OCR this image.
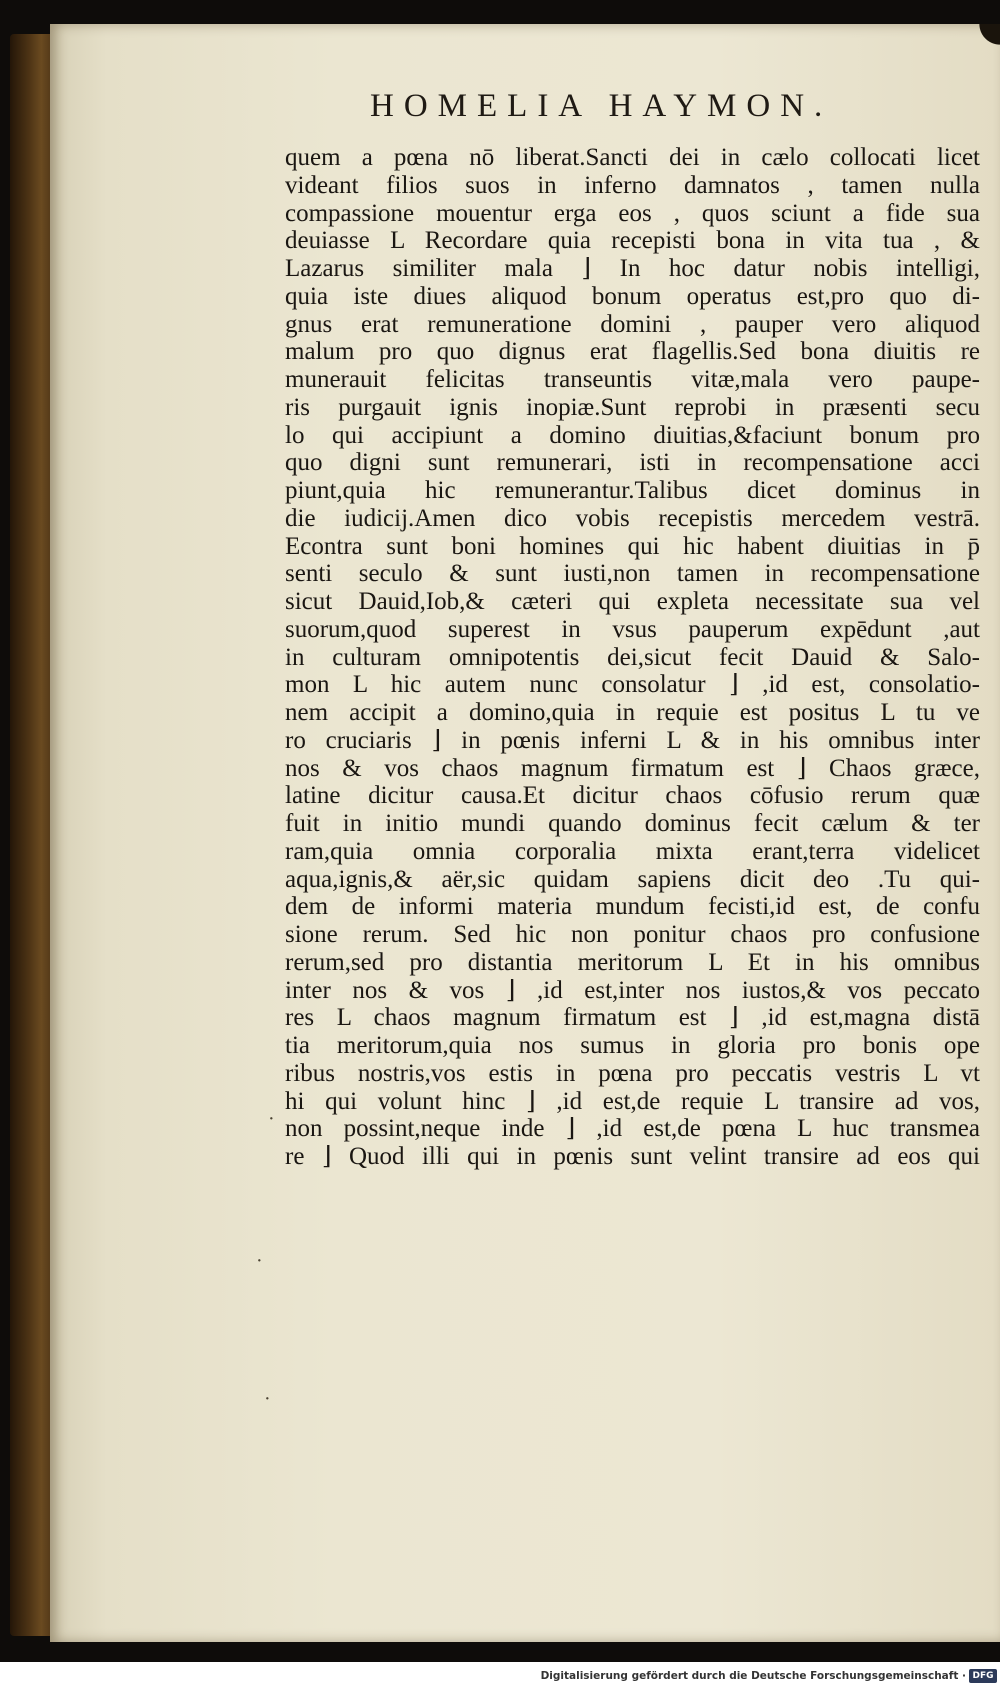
HOMELIA HAYMON.
quem a pœna nō liberat.Sancti dei in cælo collocati licet
videant filios suos in inferno damnatos , tamen nulla
compassione mouentur erga eos , quos sciunt a fide sua
deuiasse L Recordare quia recepisti bona in vita tua , &
Lazarus similiter mala ⌋ In hoc datur nobis intelligi,
quia iste diues aliquod bonum operatus est,pro quo di-
gnus erat remuneratione domini , pauper vero aliquod
malum pro quo dignus erat flagellis.Sed bona diuitis re
munerauit felicitas transeuntis vitæ,mala vero paupe-
ris purgauit ignis inopiæ.Sunt reprobi in præsenti secu
lo qui accipiunt a domino diuitias,&faciunt bonum pro
quo digni sunt remunerari, isti in recompensatione acci
piunt,quia hic remunerantur.Talibus dicet dominus in
die iudicij.Amen dico vobis recepistis mercedem vestrā.
Econtra sunt boni homines qui hic habent diuitias in p̄
senti seculo & sunt iusti,non tamen in recompensatione
sicut Dauid,Iob,& cæteri qui expleta necessitate sua vel
suorum,quod superest in vsus pauperum expēdunt ,aut
in culturam omnipotentis dei,sicut fecit Dauid & Salo-
mon L hic autem nunc consolatur ⌋ ,id est, consolatio-
nem accipit a domino,quia in requie est positus L tu ve
ro cruciaris ⌋ in pœnis inferni L & in his omnibus inter
nos & vos chaos magnum firmatum est ⌋ Chaos græce,
latine dicitur causa.Et dicitur chaos cōfusio rerum quæ
fuit in initio mundi quando dominus fecit cælum & ter
ram,quia omnia corporalia mixta erant,terra videlicet
aqua,ignis,& aër,sic quidam sapiens dicit deo .Tu qui-
dem de informi materia mundum fecisti,id est, de confu
sione rerum. Sed hic non ponitur chaos pro confusione
rerum,sed pro distantia meritorum L Et in his omnibus
inter nos & vos ⌋ ,id est,inter nos iustos,& vos peccato
res L chaos magnum firmatum est ⌋ ,id est,magna distā
tia meritorum,quia nos sumus in gloria pro bonis ope
ribus nostris,vos estis in pœna pro peccatis vestris L vt
hi qui volunt hinc ⌋ ,id est,de requie L transire ad vos,
non possint,neque inde ⌋ ,id est,de pœna L huc transmea
re ⌋ Quod illi qui in pœnis sunt velint transire ad eos qui
·
·
·
Digitalisierung gefördert durch die Deutsche Forschungsgemeinschaft · DFG
